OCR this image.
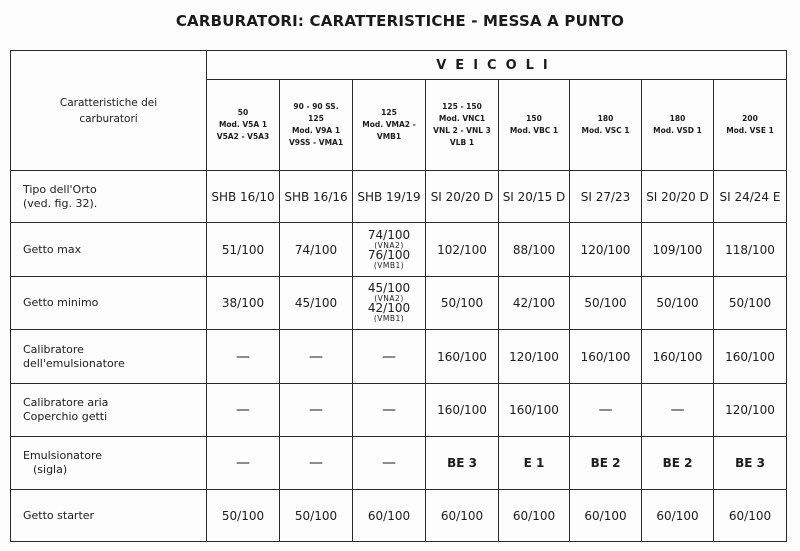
CARBURATORI: CARATTERISTICHE - MESSA A PUNTO
Caratteristiche dei
carburatori	VEICOLI							

	50
Mod. V5A 1
V5A2 - V5A3	90 - 90 SS.
125
Mod. V9A 1
V9SS - VMA1	125
Mod. VMA2 -
VMB1	125 - 150
Mod. VNC1
VNL 2 - VNL 3
VLB 1	150
Mod. VBC 1	180
Mod. VSC 1	180
Mod. VSD 1	200
Mod. VSE 1

Tipo dell'Orto
(ved. fig. 32).	SHB 16/10	SHB 16/16	SHB 19/19	SI 20/20 D	SI 20/15 D	SI 27/23	SI 20/20 D	SI 24/24 E

Getto max	51/100	74/100	74/100
(VNA2)
76/100
(VMB1)	102/100	88/100	120/100	109/100	118/100

Getto minimo	38/100	45/100	45/100
(VNA2)
42/100
(VMB1)	50/100	42/100	50/100	50/100	50/100

Calibratore
dell'emulsionatore	—	—	—	160/100	120/100	160/100	160/100	160/100

Calibratore aria
Coperchio getti	—	—	—	160/100	160/100	—	—	120/100

Emulsionatore
(sigla)	—	—	—	BE 3	E 1	BE 2	BE 2	BE 3

Getto starter	50/100	50/100	60/100	60/100	60/100	60/100	60/100	60/100
